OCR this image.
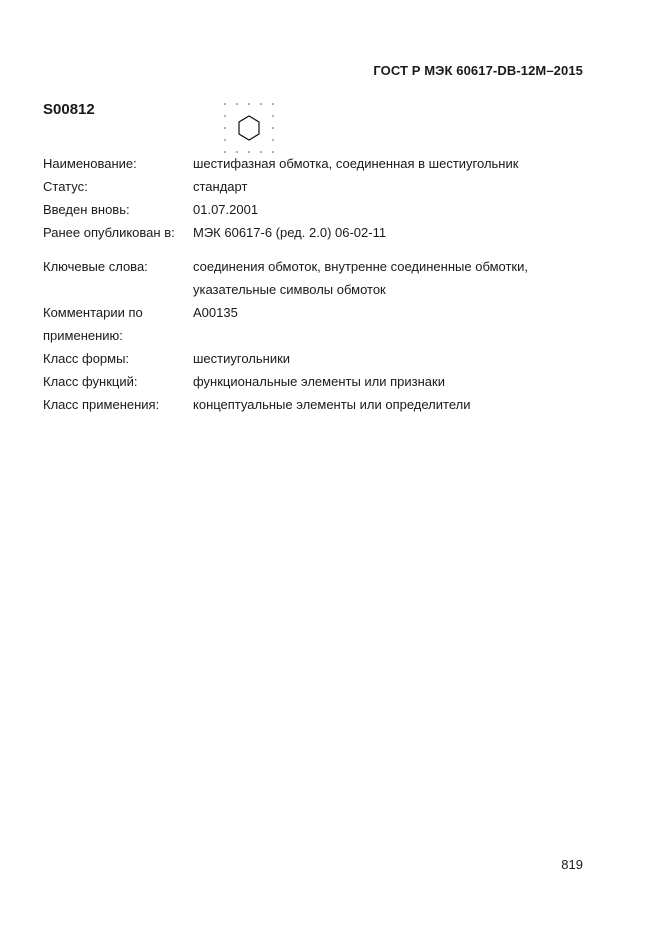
ГОСТ Р МЭК 60617-DB-12M–2015
S00812
Наименование:	шестифазная обмотка, соединенная в шестиугольник
Статус:	стандарт
Введен вновь:	01.07.2001
Ранее опубликован в:	МЭК 60617-6 (ред. 2.0) 06-02-11
Ключевые слова:	соединения обмоток, внутренне соединенные обмотки,
указательные символы обмоток
Комментарии по	A00135
применению:
Класс формы:	шестиугольники
Класс функций:	функциональные элементы или признаки
Класс применения:	концептуальные элементы или определители
819
